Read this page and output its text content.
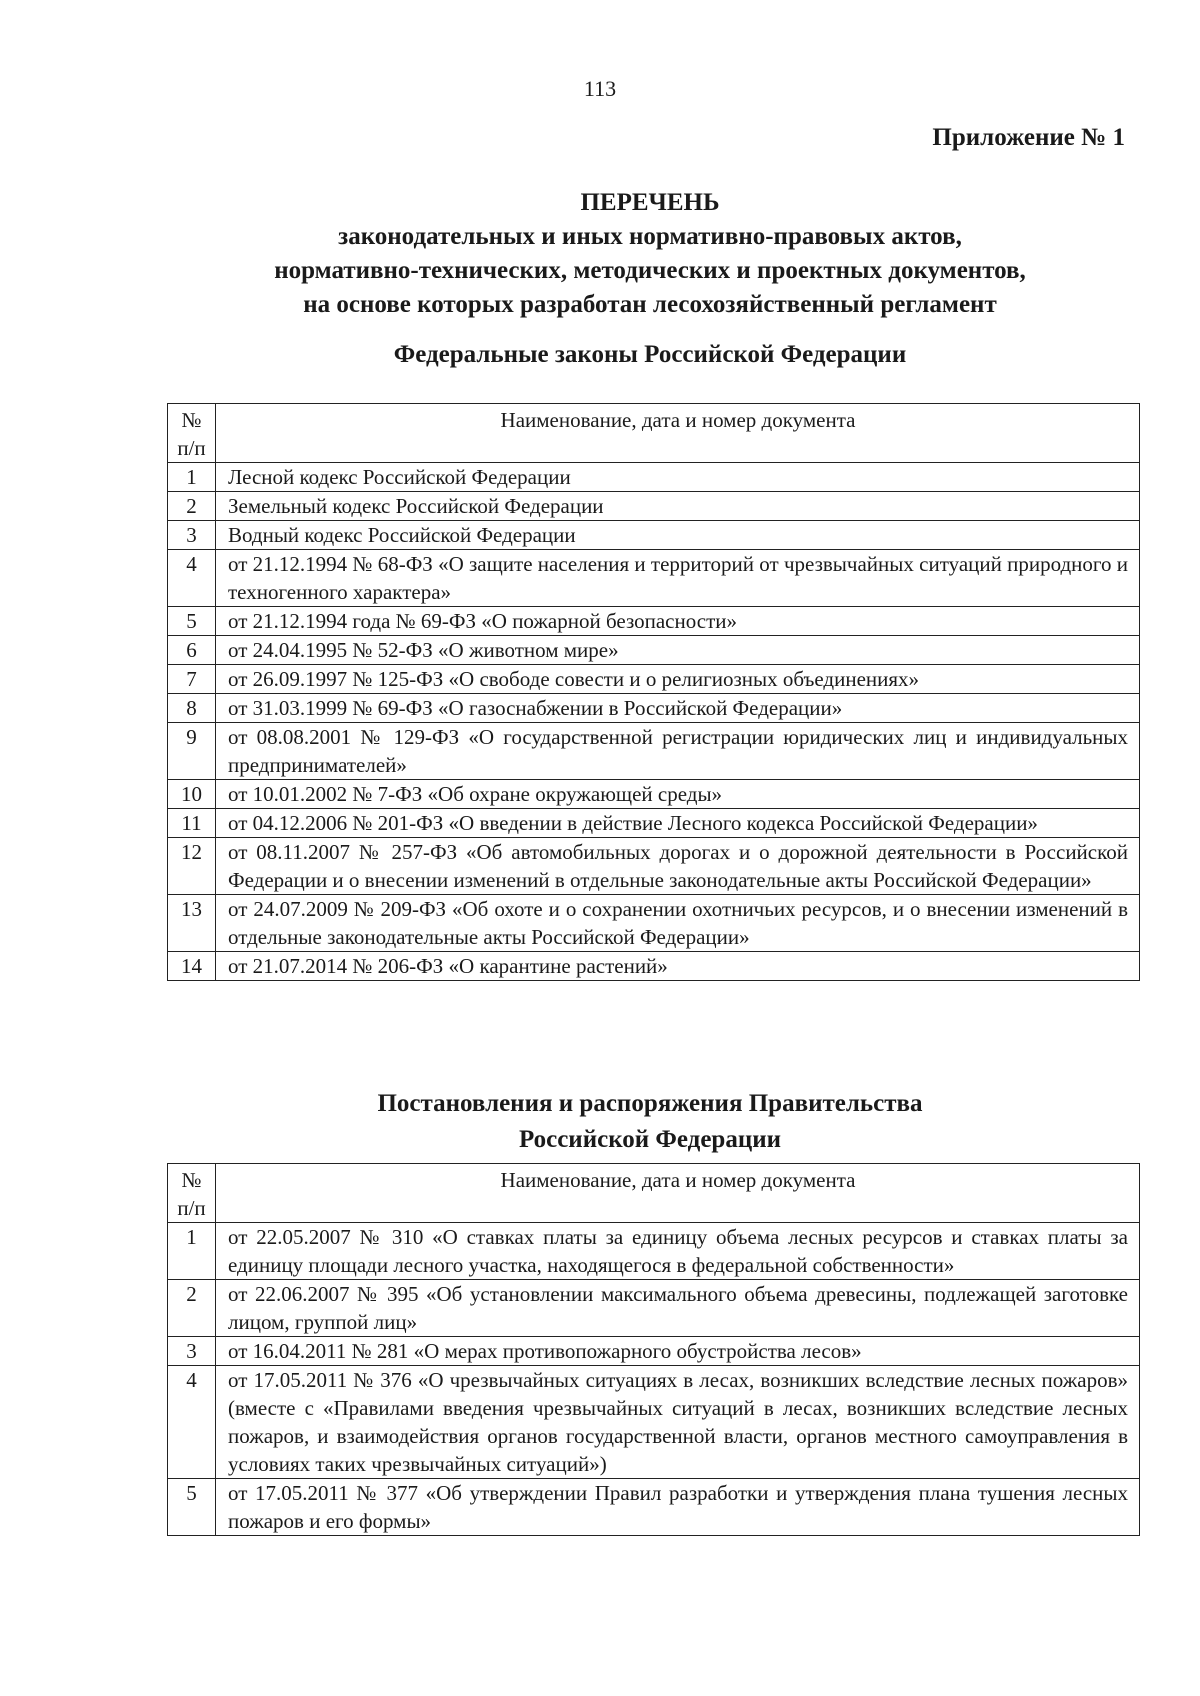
113
Приложение № 1
ПЕРЕЧЕНЬ
законодательных и иных нормативно-правовых актов,
нормативно-технических, методических и проектных документов,
на основе которых разработан лесохозяйственный регламент
Федеральные законы Российской Федерации
№
п/п	Наименование, дата и номер документа
1	Лесной кодекс Российской Федерации
2	Земельный кодекс Российской Федерации
3	Водный кодекс Российской Федерации
4	от 21.12.1994 № 68-ФЗ «О защите населения и территорий от чрезвычайных ситуаций природного и техногенного характера»
5	от 21.12.1994 года № 69-ФЗ «О пожарной безопасности»
6	от 24.04.1995 № 52-ФЗ «О животном мире»
7	от 26.09.1997 № 125-ФЗ «О свободе совести и о религиозных объединениях»
8	от 31.03.1999 № 69-ФЗ «О газоснабжении в Российской Федерации»
9	от 08.08.2001 № 129-ФЗ «О государственной регистрации юридических лиц и индивидуальных предпринимателей»
10	от 10.01.2002 № 7-ФЗ «Об охране окружающей среды»
11	от 04.12.2006 № 201-ФЗ «О введении в действие Лесного кодекса Российской Федерации»
12	от 08.11.2007 № 257-ФЗ «Об автомобильных дорогах и о дорожной деятельности в Российской Федерации и о внесении изменений в отдельные законодательные акты Российской Федерации»
13	от 24.07.2009 № 209-ФЗ «Об охоте и о сохранении охотничьих ресурсов, и о внесении изменений в отдельные законодательные акты Российской Федерации»
14	от 21.07.2014 № 206-ФЗ «О карантине растений»
Постановления и распоряжения Правительства
Российской Федерации
№
п/п	Наименование, дата и номер документа
1	от 22.05.2007 № 310 «О ставках платы за единицу объема лесных ресурсов и ставках платы за единицу площади лесного участка, находящегося в федеральной собственности»
2	от 22.06.2007 № 395 «Об установлении максимального объема древесины, подлежащей заготовке лицом, группой лиц»
3	от 16.04.2011 № 281 «О мерах противопожарного обустройства лесов»
4	от 17.05.2011 № 376 «О чрезвычайных ситуациях в лесах, возникших вследствие лесных пожаров» (вместе с «Правилами введения чрезвычайных ситуаций в лесах, возникших вследствие лесных пожаров, и взаимодействия органов государственной власти, органов местного самоуправления в условиях таких чрезвычайных ситуаций»)
5	от 17.05.2011 № 377 «Об утверждении Правил разработки и утверждения плана тушения лесных пожаров и его формы»
